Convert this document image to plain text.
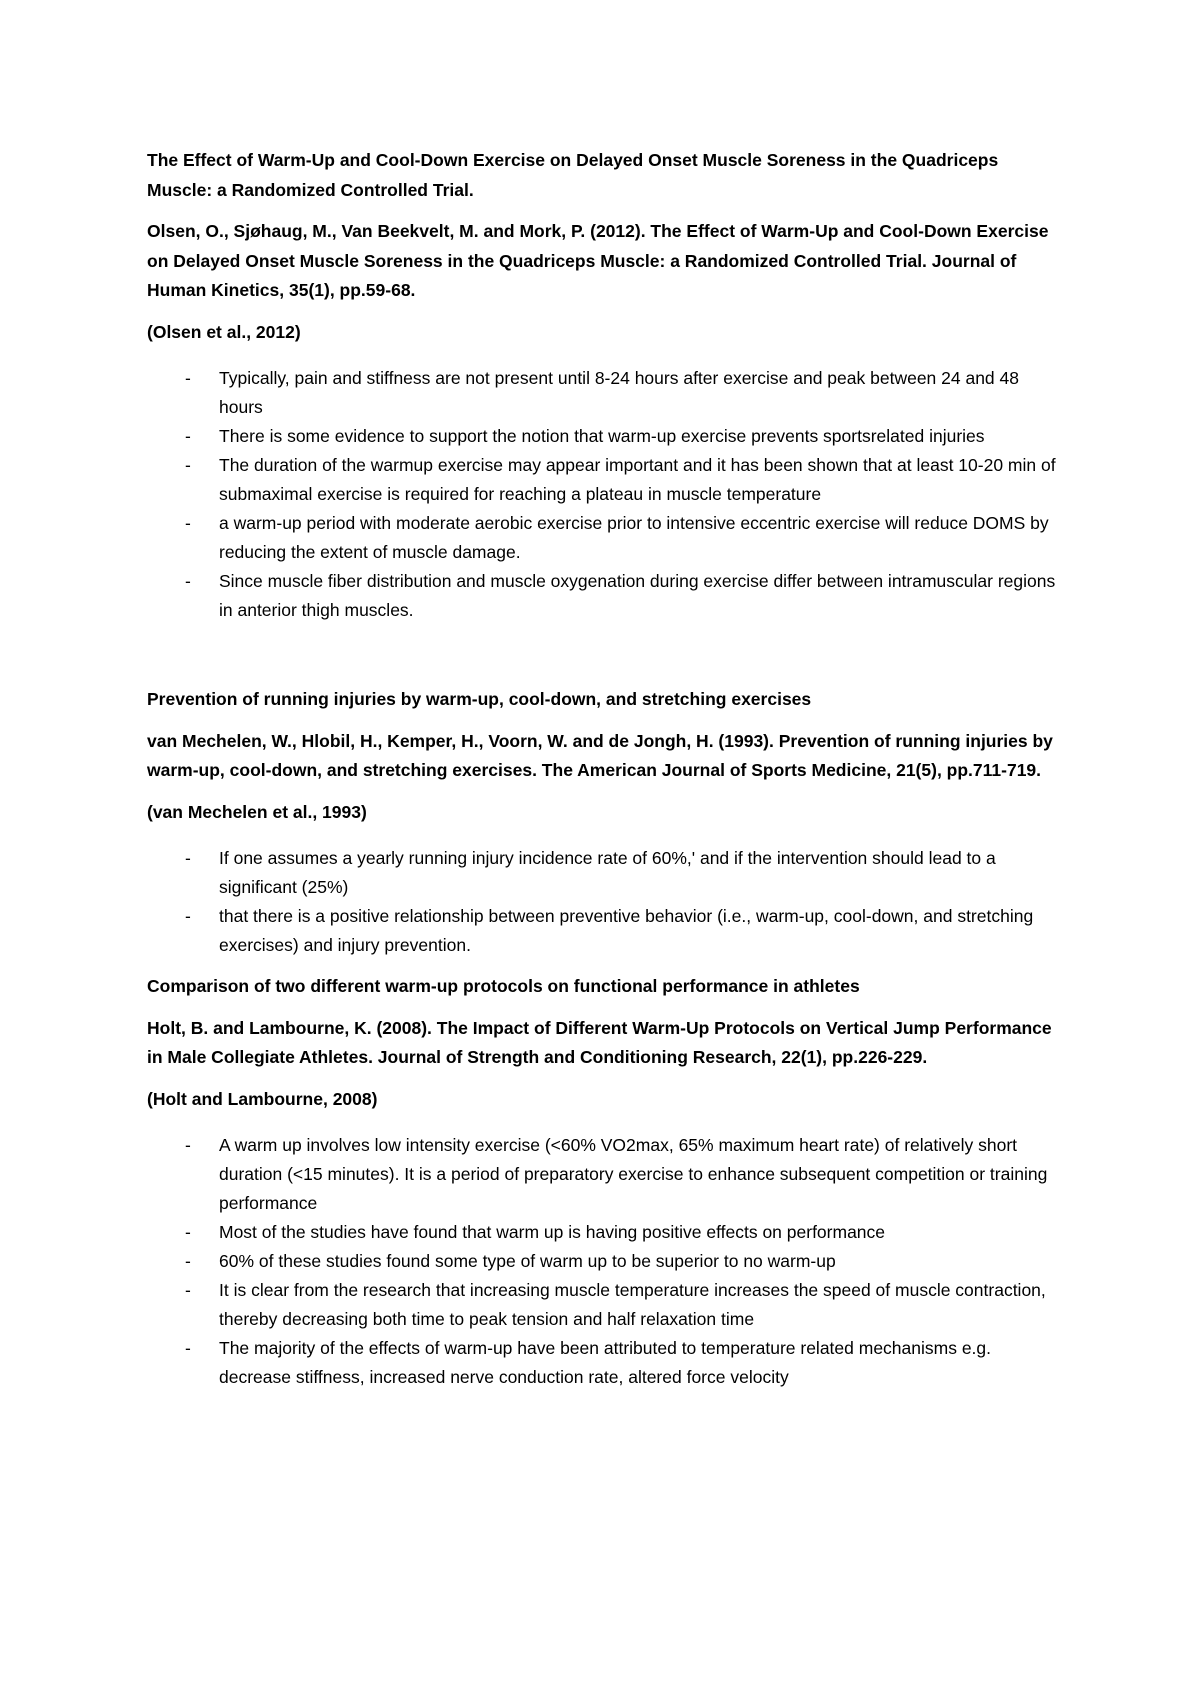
The Effect of Warm-Up and Cool-Down Exercise on Delayed Onset Muscle Soreness in the Quadriceps Muscle: a Randomized Controlled Trial.

Olsen, O., Sjøhaug, M., Van Beekvelt, M. and Mork, P. (2012). The Effect of Warm-Up and Cool-Down Exercise on Delayed Onset Muscle Soreness in the Quadriceps Muscle: a Randomized Controlled Trial. Journal of Human Kinetics, 35(1), pp.59-68.

(Olsen et al., 2012)

- Typically, pain and stiffness are not present until 8-24 hours after exercise and peak between 24 and 48 hours
- There is some evidence to support the notion that warm-up exercise prevents sportsrelated injuries
- The duration of the warmup exercise may appear important and it has been shown that at least 10-20 min of submaximal exercise is required for reaching a plateau in muscle temperature
- a warm-up period with moderate aerobic exercise prior to intensive eccentric exercise will reduce DOMS by reducing the extent of muscle damage.
- Since muscle fiber distribution and muscle oxygenation during exercise differ between intramuscular regions in anterior thigh muscles.

Prevention of running injuries by warm-up, cool-down, and stretching exercises

van Mechelen, W., Hlobil, H., Kemper, H., Voorn, W. and de Jongh, H. (1993). Prevention of running injuries by warm-up, cool-down, and stretching exercises. The American Journal of Sports Medicine, 21(5), pp.711-719.

(van Mechelen et al., 1993)

- If one assumes a yearly running injury incidence rate of 60%,' and if the intervention should lead to a significant (25%)
- that there is a positive relationship between preventive behavior (i.e., warm-up, cool-down, and stretching exercises) and injury prevention.

Comparison of two different warm-up protocols on functional performance in athletes

Holt, B. and Lambourne, K. (2008). The Impact of Different Warm-Up Protocols on Vertical Jump Performance in Male Collegiate Athletes. Journal of Strength and Conditioning Research, 22(1), pp.226-229.

(Holt and Lambourne, 2008)

- A warm up involves low intensity exercise (<60% VO2max, 65% maximum heart rate) of relatively short duration (<15 minutes). It is a period of preparatory exercise to enhance subsequent competition or training performance
- Most of the studies have found that warm up is having positive effects on performance
- 60% of these studies found some type of warm up to be superior to no warm-up
- It is clear from the research that increasing muscle temperature increases the speed of muscle contraction, thereby decreasing both time to peak tension and half relaxation time
- The majority of the effects of warm-up have been attributed to temperature related mechanisms e.g. decrease stiffness, increased nerve conduction rate, altered force velocity
